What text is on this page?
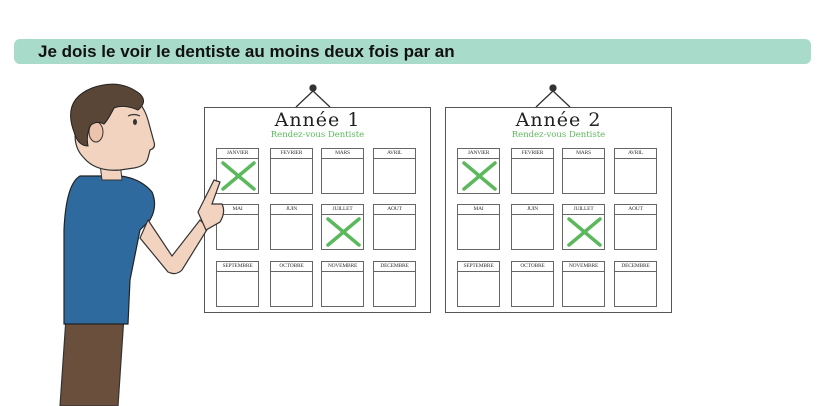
Je dois le voir le dentiste au moins deux fois par an
Année 1
Rendez-vous Dentiste
JANVIER	FEVRIER	MARS	AVRIL
MAI	JUIN	JUILLET	AOUT
SEPTEMBRE	OCTOBRE	NOVEMBRE	DECEMBRE
Année 2
Rendez-vous Dentiste
JANVIER	FEVRIER	MARS	AVRIL
MAI	JUIN	JUILLET	AOUT
SEPTEMBRE	OCTOBRE	NOVEMBRE	DECEMBRE
